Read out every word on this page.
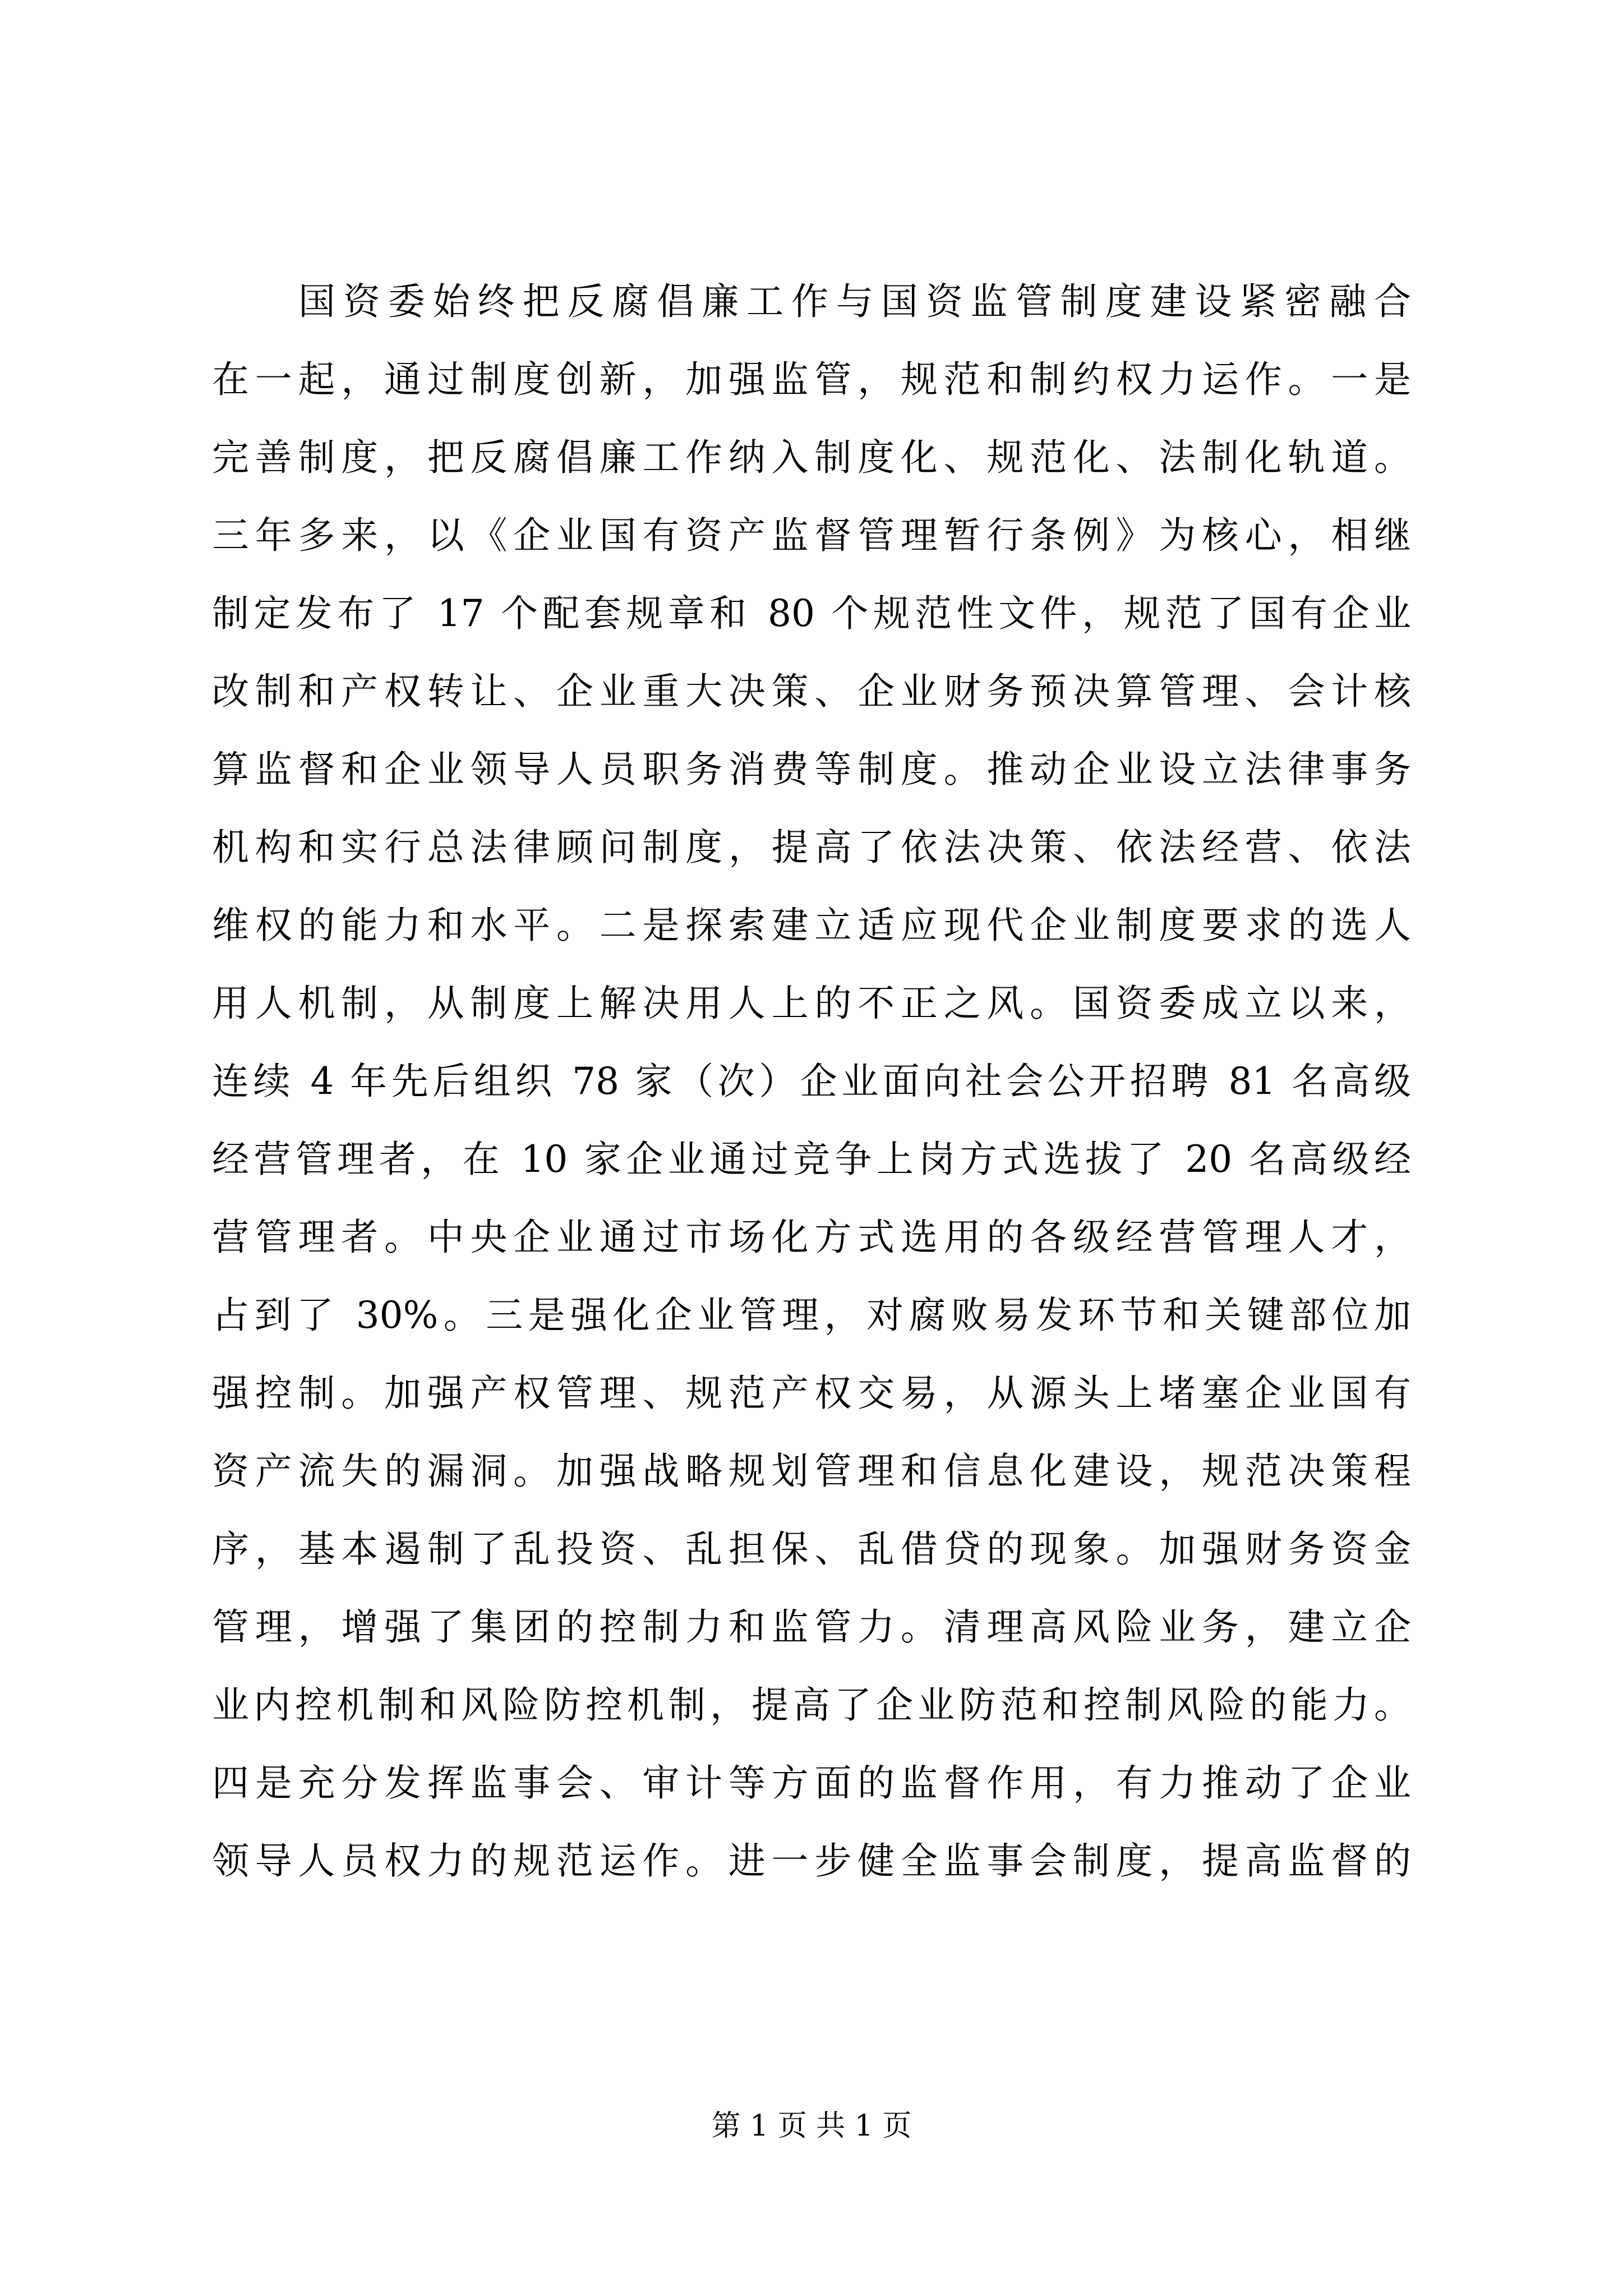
国资委始终把反腐倡廉工作与国资监管制度建设紧密融合
在一起，通过制度创新，加强监管，规范和制约权力运作。一是
完善制度，把反腐倡廉工作纳入制度化、规范化、法制化轨道。
三年多来，以《企业国有资产监督管理暂行条例》为核心，相继
制定发布了 17 个配套规章和 80 个规范性文件，规范了国有企业
改制和产权转让、企业重大决策、企业财务预决算管理、会计核
算监督和企业领导人员职务消费等制度。推动企业设立法律事务
机构和实行总法律顾问制度，提高了依法决策、依法经营、依法
维权的能力和水平。二是探索建立适应现代企业制度要求的选人
用人机制，从制度上解决用人上的不正之风。国资委成立以来，
连续 4 年先后组织 78 家（次）企业面向社会公开招聘 81 名高级
经营管理者，在 10 家企业通过竞争上岗方式选拔了 20 名高级经
营管理者。中央企业通过市场化方式选用的各级经营管理人才，
占到了 30%。三是强化企业管理，对腐败易发环节和关键部位加
强控制。加强产权管理、规范产权交易，从源头上堵塞企业国有
资产流失的漏洞。加强战略规划管理和信息化建设，规范决策程
序，基本遏制了乱投资、乱担保、乱借贷的现象。加强财务资金
管理，增强了集团的控制力和监管力。清理高风险业务，建立企
业内控机制和风险防控机制，提高了企业防范和控制风险的能力。
四是充分发挥监事会、审计等方面的监督作用，有力推动了企业
领导人员权力的规范运作。进一步健全监事会制度，提高监督的
第 1 页 共 1 页
